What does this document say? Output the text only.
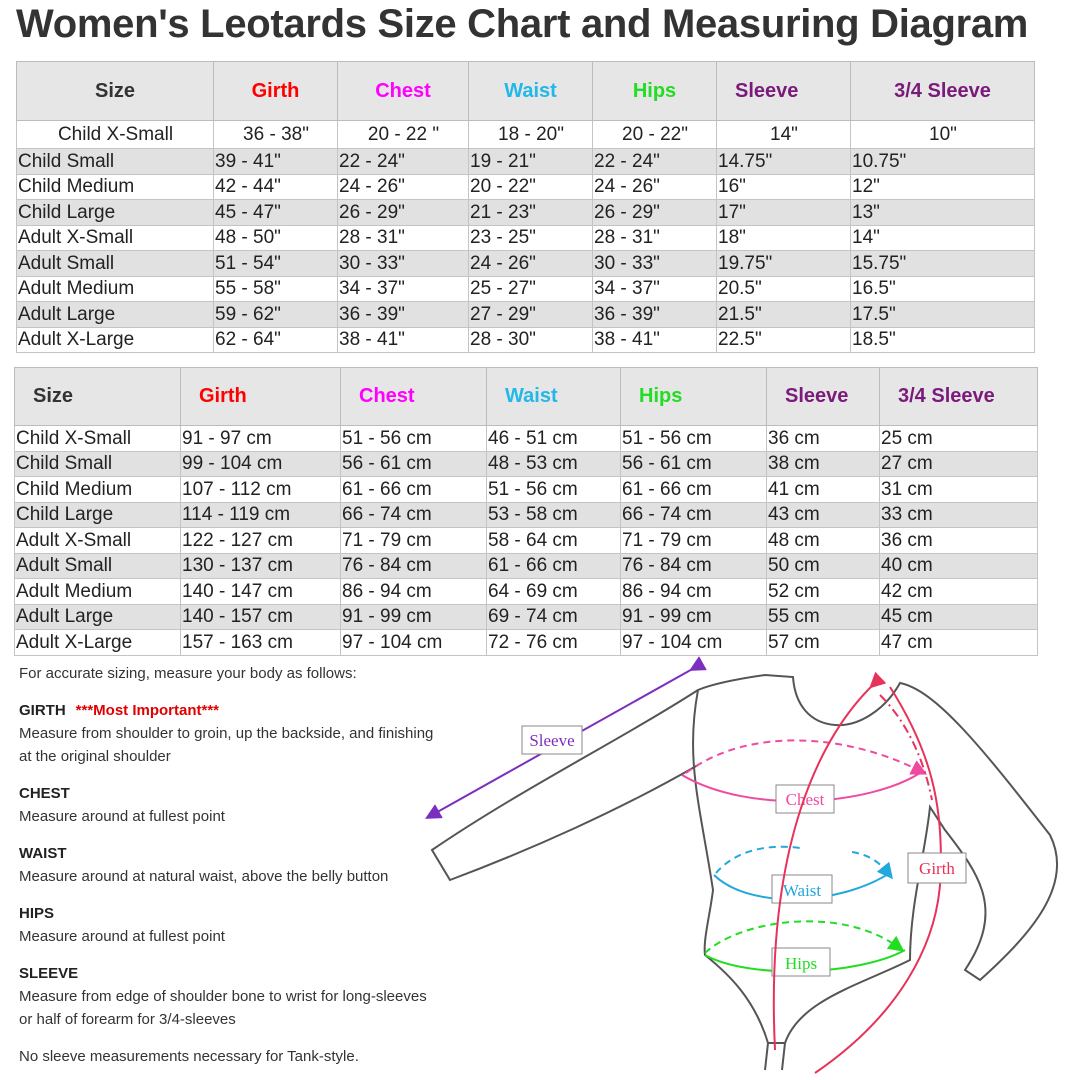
Women's Leotards Size Chart and Measuring Diagram
Size	Girth	Chest	Waist	Hips	Sleeve	3/4 Sleeve
Child X-Small	36 - 38"	20 - 22 "	18 - 20"	20 - 22"	14"	10"
Child Small	39 - 41"	22 - 24"	19 - 21"	22 - 24"	14.75"	10.75"
Child Medium	42 - 44"	24 - 26"	20 - 22"	24 - 26"	16"	12"
Child Large	45 - 47"	26 - 29"	21 - 23"	26 - 29"	17"	13"
Adult X-Small	48 - 50"	28 - 31"	23 - 25"	28 - 31"	18"	14"
Adult Small	51 - 54"	30 - 33"	24 - 26"	30 - 33"	19.75"	15.75"
Adult Medium	55 - 58"	34 - 37"	25 - 27"	34 - 37"	20.5"	16.5"
Adult Large	59 - 62"	36 - 39"	27 - 29"	36 - 39"	21.5"	17.5"
Adult X-Large	62 - 64"	38 - 41"	28 - 30"	38 - 41"	22.5"	18.5"
Size	Girth	Chest	Waist	Hips	Sleeve	3/4 Sleeve
Child X-Small	91 - 97 cm	51 - 56 cm	46 - 51 cm	51 - 56 cm	36 cm	25 cm
Child Small	99 - 104 cm	56 - 61 cm	48 - 53 cm	56 - 61 cm	38 cm	27 cm
Child Medium	107 - 112 cm	61 - 66 cm	51 - 56 cm	61 - 66 cm	41 cm	31 cm
Child Large	114 - 119 cm	66 - 74 cm	53 - 58 cm	66 - 74 cm	43 cm	33 cm
Adult X-Small	122 - 127 cm	71 - 79 cm	58 - 64 cm	71 - 79 cm	48 cm	36 cm
Adult Small	130 - 137 cm	76 - 84 cm	61 - 66 cm	76 - 84 cm	50 cm	40 cm
Adult Medium	140 - 147 cm	86 - 94 cm	64 - 69 cm	86 - 94 cm	52 cm	42 cm
Adult Large	140 - 157 cm	91 - 99 cm	69 - 74 cm	91 - 99 cm	55 cm	45 cm
Adult X-Large	157 - 163 cm	97 - 104 cm	72 - 76 cm	97 - 104 cm	57 cm	47 cm

For accurate sizing, measure your body as follows:

GIRTH ***Most Important***

Measure from shoulder to groin, up the backside, and finishing at the original shoulder

CHEST

Measure around at fullest point

WAIST

Measure around at natural waist, above the belly button

HIPS

Measure around at fullest point

SLEEVE

Measure from edge of shoulder bone to wrist for long-sleeves or half of forearm for 3/4-sleeves

No sleeve measurements necessary for Tank-style.

Sleeve
Chest
Waist
Hips
Girth
